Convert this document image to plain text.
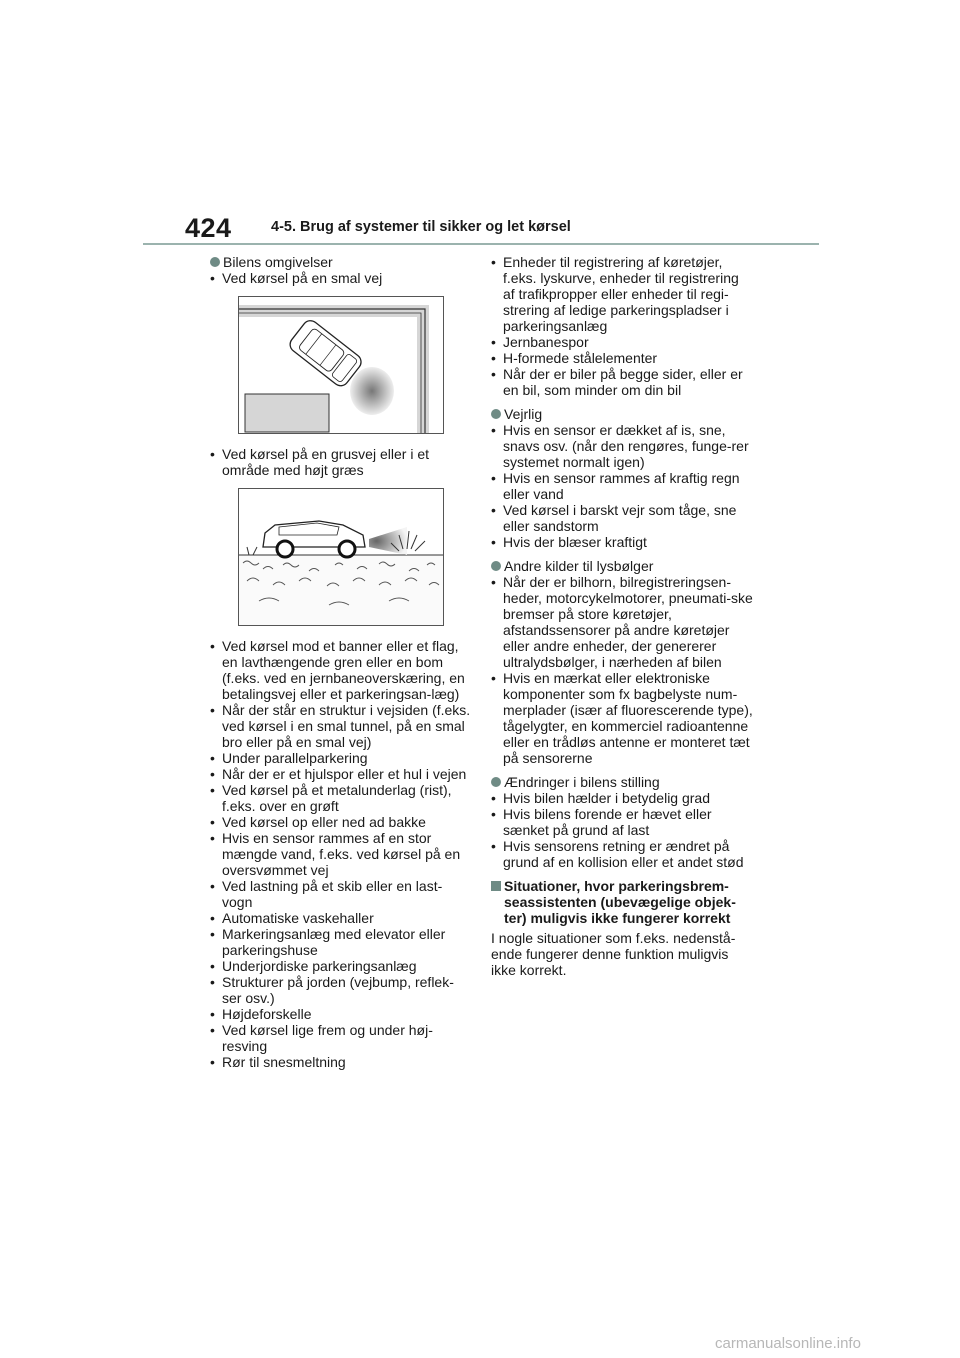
424	4-5. Brug af systemer til sikker og let kørsel
Bilens omgivelser
• Ved kørsel på en smal vej
• Ved kørsel på en grusvej eller i et område med højt græs
• Ved kørsel mod et banner eller et flag, en lavthængende gren eller en bom (f.eks. ved en jernbaneoverskæring, en betalingsvej eller et parkeringsan-læg)
• Når der står en struktur i vejsiden (f.eks. ved kørsel i en smal tunnel, på en smal bro eller på en smal vej)
• Under parallelparkering
• Når der er et hjulspor eller et hul i vejen
• Ved kørsel på et metalunderlag (rist), f.eks. over en grøft
• Ved kørsel op eller ned ad bakke
• Hvis en sensor rammes af en stor mængde vand, f.eks. ved kørsel på en oversvømmet vej
• Ved lastning på et skib eller en last-vogn
• Automatiske vaskehaller
• Markeringsanlæg med elevator eller parkeringshuse
• Underjordiske parkeringsanlæg
• Strukturer på jorden (vejbump, reflek-ser osv.)
• Højdeforskelle
• Ved kørsel lige frem og under høj-resving
• Rør til snesmeltning
• Enheder til registrering af køretøjer, f.eks. lyskurve, enheder til registrering af trafikpropper eller enheder til regi-strering af ledige parkeringspladser i parkeringsanlæg
• Jernbanespor
• H-formede stålelementer
• Når der er biler på begge sider, eller er en bil, som minder om din bil
Vejrlig
• Hvis en sensor er dækket af is, sne, snavs osv. (når den rengøres, funge-rer systemet normalt igen)
• Hvis en sensor rammes af kraftig regn eller vand
• Ved kørsel i barskt vejr som tåge, sne eller sandstorm
• Hvis der blæser kraftigt
Andre kilder til lysbølger
• Når der er bilhorn, bilregistreringsen-heder, motorcykelmotorer, pneumati-ske bremser på store køretøjer, afstandssensorer på andre køretøjer eller andre enheder, der genererer ultralydsbølger, i nærheden af bilen
• Hvis en mærkat eller elektroniske komponenter som fx bagbelyste num-merplader (især af fluorescerende type), tågelygter, en kommerciel radioantenne eller en trådløs antenne er monteret tæt på sensorerne
Ændringer i bilens stilling
• Hvis bilen hælder i betydelig grad
• Hvis bilens forende er hævet eller sænket på grund af last
• Hvis sensorens retning er ændret på grund af en kollision eller et andet stød
Situationer, hvor parkeringsbrem-seassistenten (ubevægelige objek-ter) muligvis ikke fungerer korrekt
I nogle situationer som f.eks. nedenstå-ende fungerer denne funktion muligvis ikke korrekt.
carmanualsonline.info
